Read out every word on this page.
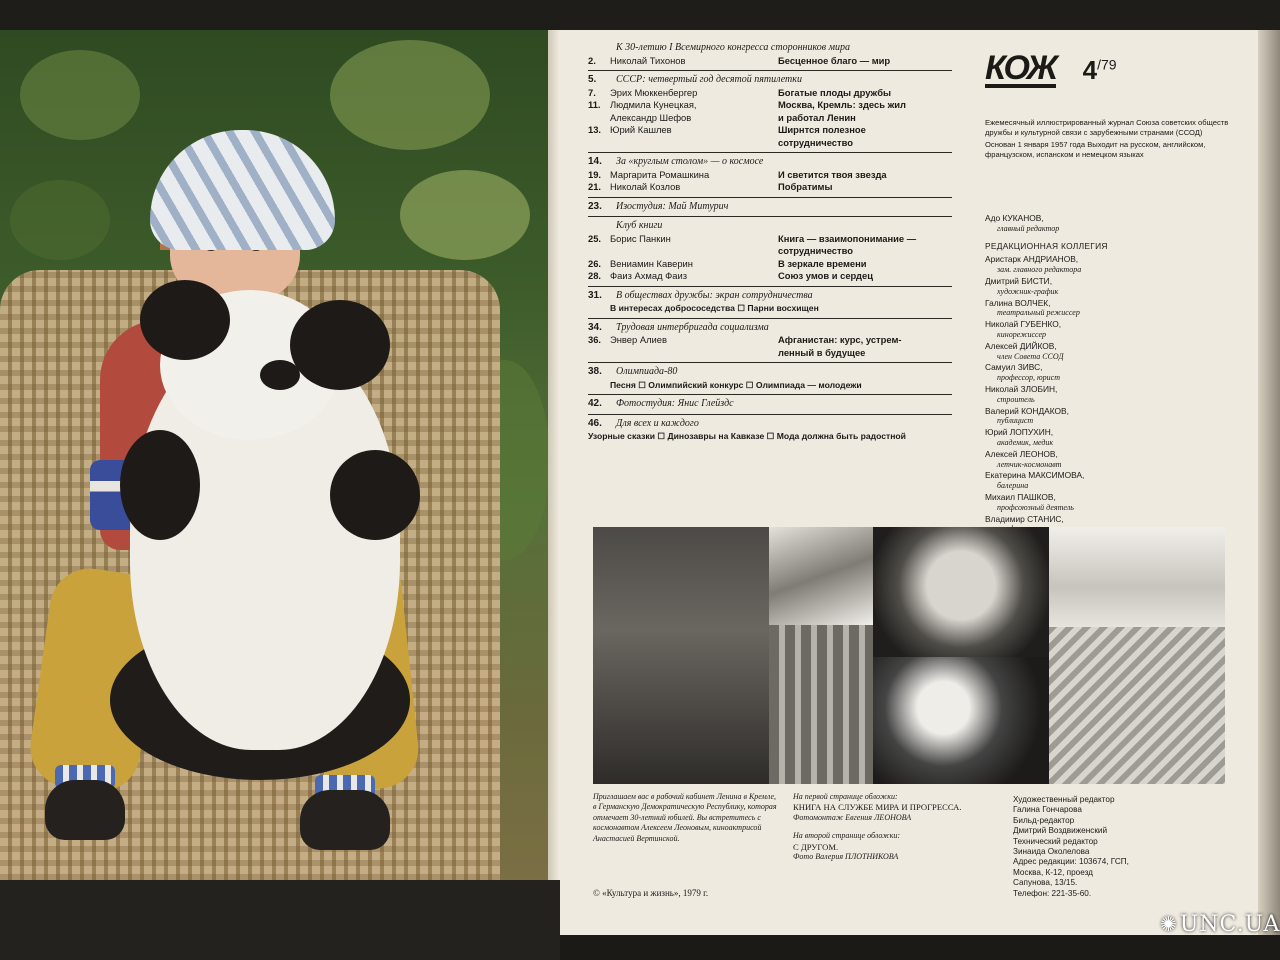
К 30-летию I Всемирного конгресса сторонников мира
2.	Николай Тихонов	Бесценное благо — мир
5.	СССР: четвертый год десятой пятилетки
7.	Эрих Мюккенбергер	Богатые плоды дружбы
11.	Людмила Кунецкая,	Москва, Кремль: здесь жил
Александр Шефов	и работал Ленин
13. Юрий Кашлев	Ширнтся полезное
сотрудничество
14.	За «круглым столом» — о космосе
19. Маргарита Ромашкина	И светится твоя звезда
21. Николай Козлов	Побратимы
23.	Изостудия: Май Митурич
Клуб книги
25. Борис Панкин	Книга — взаимопонимание —
сотрудничество
26. Вениамин Каверин	В зеркале времени
28. Фаиз Ахмад Фаиз	Союз умов и сердец
31.	В обществах дружбы: экран сотрудничества
В интересах добрососедства ☐ Парни восхищен
34.	Трудовая интербригада социализма
36. Энвер Алиев	Афганистан: курс, устрем-
ленный в будущее
38.	Олимпиада-80
Песня ☐ Олимпийский конкурс ☐ Олимпиада — молодежи
42.	Фотостудия: Янис Глейздс
46.	Для всех и каждого
Узорные сказки ☐ Динозавры на Кавказе ☐ Мода должна быть радостной
КОЖ $4^{/79}$

Ежемесячный иллюстрированный журнал Союза советских обществ дружбы и культурной связи с зарубежными странами (ССОД)

Основан 1 января 1957 года Выходит на русском, английском, французском, испанском и немецком языках

Адо КУКАНОВ,
главный редактор
РЕДАКЦИОННАЯ КОЛЛЕГИЯ
Аристарк АНДРИАНОВ,
зам. главного редактора
Дмитрий БИСТИ,
художник-график
Галина ВОЛЧЕК,
театральный режиссер
Николай ГУБЕНКО,
кинорежиссер
Алексей ДИЙКОВ,
член Совета ССОД
Самуил ЗИВС,
профессор, юрист
Николай ЗЛОБИН,
строитель
Валерий КОНДАКОВ,
публицист
Юрий ЛОПУХИН,
академик, медик
Алексей ЛЕОНОВ,
летчик-космонавт
Екатерина МАКСИМОВА,
балерина
Михаил ПАШКОВ,
профсоюзный деятель
Владимир СТАНИС,
Приглашаем вас в рабочий кабинет Ленина в Кремле, в Германскую Демократическую Республику, которая отмечает 30-летний юбилей. Вы встретитесь с космонавтом Алексеем Леоновым, киноактрисой Анастасией Вертинской.
На первой странице обложки:
КНИГА НА СЛУЖБЕ МИРА И ПРОГРЕССА.
Фотомонтаж Евгения ЛЕОНОВА
На второй странице обложки:
С ДРУГОМ.
Фото Валерия ПЛОТНИКОВА
Художественный редактор
Галина Гончарова
Бильд-редактор
Дмитрий Воздвиженский
Технический редактор
Зинаида Околелова
Адрес редакции: 103674, ГСП,
Москва, К-12, проезд
Сапунова, 13/15.
Телефон: 221-35-60.
© «Культура и жизнь», 1979 г.
✺UNC.UA
